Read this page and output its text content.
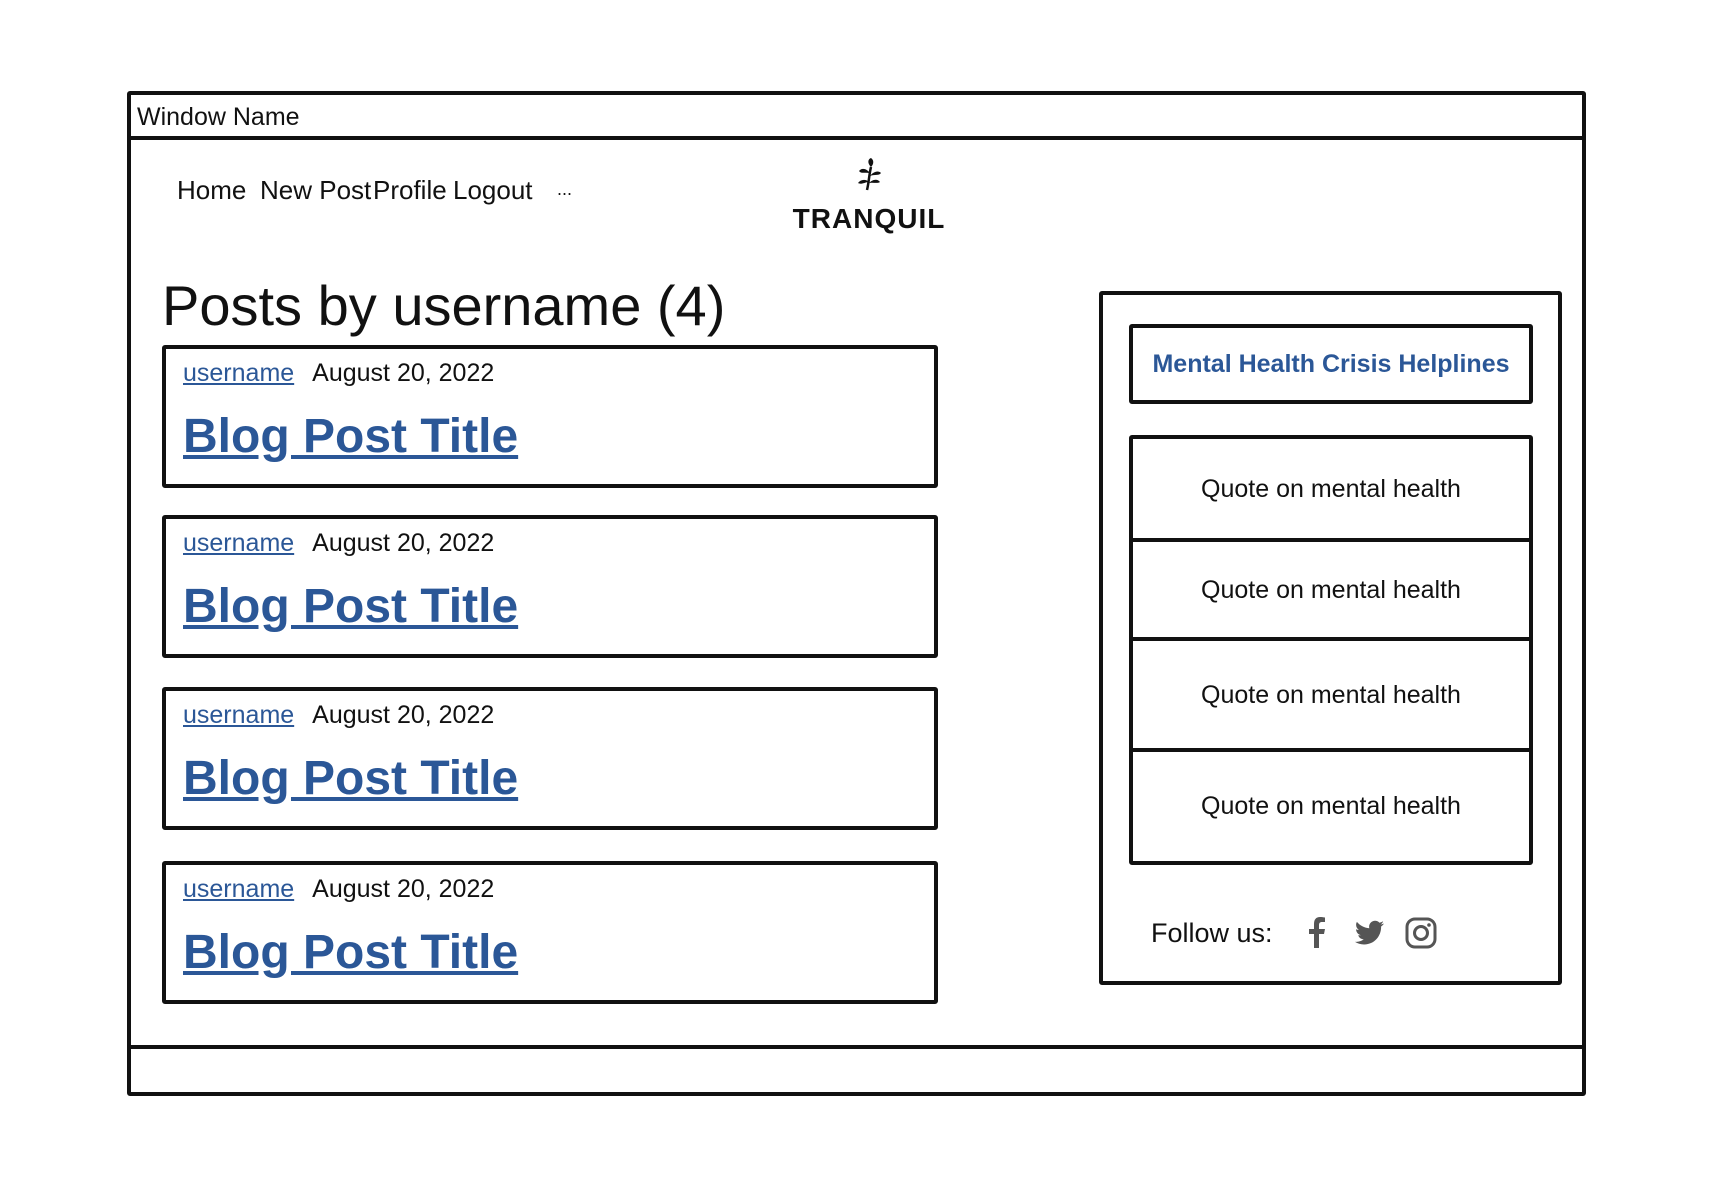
Window Name
Home New Post Profile Logout ...
TRANQUIL
Posts by username (4)
username August 20, 2022
Blog Post Title
username August 20, 2022
Blog Post Title
username August 20, 2022
Blog Post Title
username August 20, 2022
Blog Post Title
Mental Health Crisis Helplines
Quote on mental health
Quote on mental health
Quote on mental health
Quote on mental health
Follow us:
